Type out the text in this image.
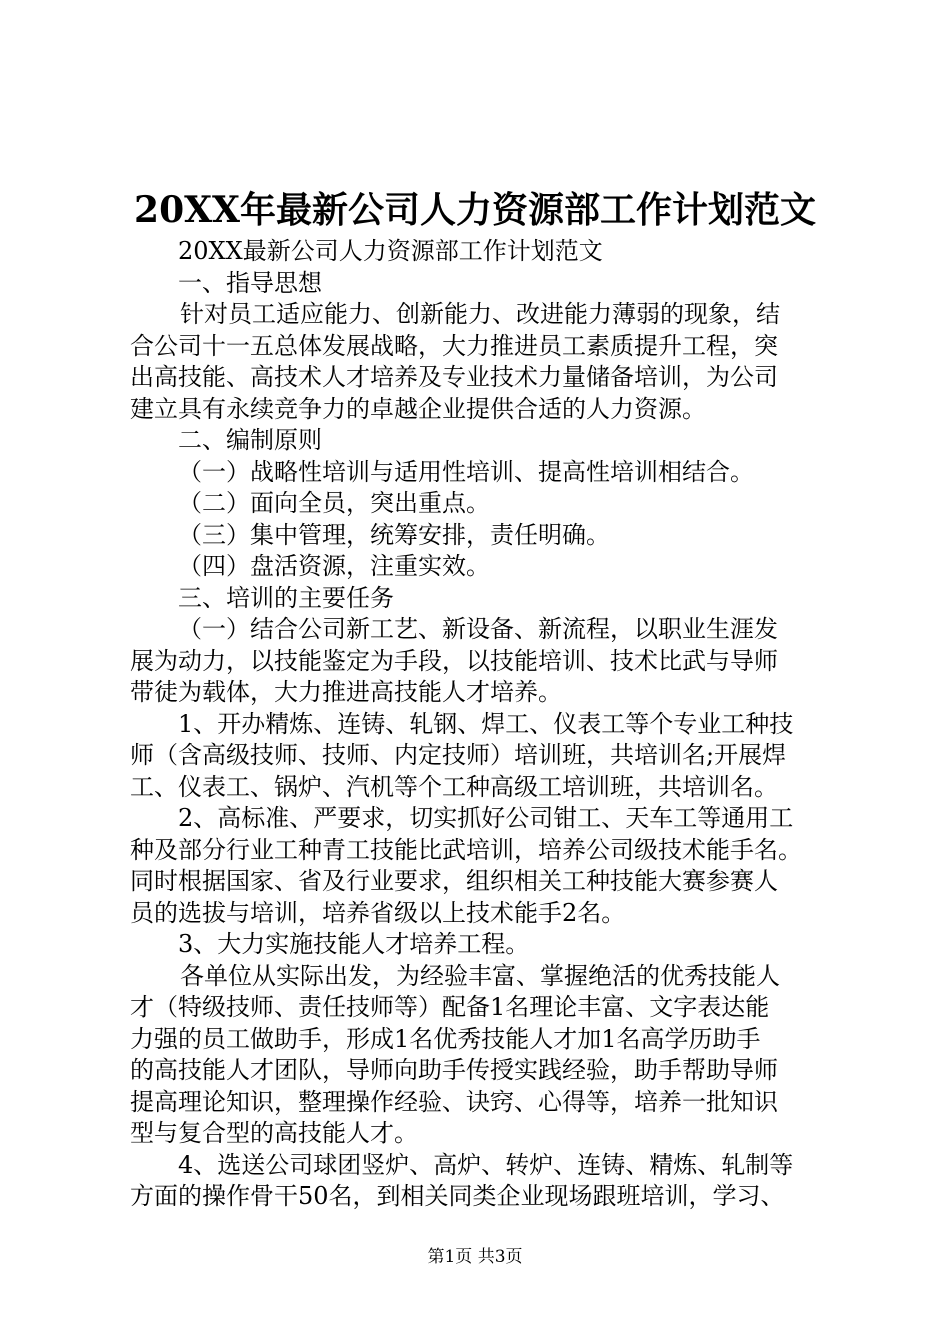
20XX年最新公司人力资源部工作计划范文
20XX最新公司人力资源部工作计划范文
一、指导思想
针对员工适应能力、创新能力、改进能力薄弱的现象，结
合公司十一五总体发展战略，大力推进员工素质提升工程，突
出高技能、高技术人才培养及专业技术力量储备培训，为公司
建立具有永续竞争力的卓越企业提供合适的人力资源。
二、编制原则
（一）战略性培训与适用性培训、提高性培训相结合。
（二）面向全员，突出重点。
（三）集中管理，统筹安排，责任明确。
（四）盘活资源，注重实效。
三、培训的主要任务
（一）结合公司新工艺、新设备、新流程，以职业生涯发
展为动力，以技能鉴定为手段，以技能培训、技术比武与导师
带徒为载体，大力推进高技能人才培养。
1、开办精炼、连铸、轧钢、焊工、仪表工等个专业工种技
师（含高级技师、技师、内定技师）培训班，共培训名;开展焊
工、仪表工、锅炉、汽机等个工种高级工培训班，共培训名。
2、高标准、严要求，切实抓好公司钳工、天车工等通用工
种及部分行业工种青工技能比武培训，培养公司级技术能手名。
同时根据国家、省及行业要求，组织相关工种技能大赛参赛人
员的选拔与培训，培养省级以上技术能手2名。
3、大力实施技能人才培养工程。
各单位从实际出发，为经验丰富、掌握绝活的优秀技能人
才（特级技师、责任技师等）配备1名理论丰富、文字表达能
力强的员工做助手，形成1名优秀技能人才加1名高学历助手
的高技能人才团队，导师向助手传授实践经验，助手帮助导师
提高理论知识，整理操作经验、诀窍、心得等，培养一批知识
型与复合型的高技能人才。
4、选送公司球团竖炉、高炉、转炉、连铸、精炼、轧制等
方面的操作骨干50名，到相关同类企业现场跟班培训，学习、
第1页 共3页
